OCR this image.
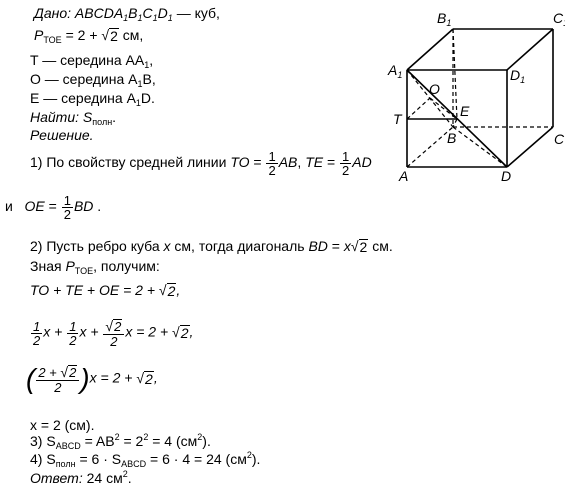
Дано: $ABCDA_1B_1C_1D_1$ — куб,
$P_{TOE} = 2$ + √ 2 см,
T — середина $AA_1$,
O — середина $A_1B$,
E — середина $A_1D$.
Найти: $S_{полн}$.
Решение.
1) По свойству средней линии TO = $\frac{1}{2}$ AB, TE = $\frac{1}{2}$ AD
и OE = $\frac{1}{2}$ BD .
2) Пусть ребро куба x см, тогда диагональ BD = x √ 2 см.
Зная $P_{TOE}$, получим:
TO + TE + OE = 2 + √ 2 ,
$\frac{1}{2}$ $x + \frac{1}{2}$ $x + \frac{√ 2}{2}$ x = 2 + √ 2 ,
( $\frac{2 + √ 2}{2} )x = 2$ + √ 2 ,
x = 2 (см).
3) $S_{ABCD} = AB^2 = 2^2 = 4$ $(см^2)$.
4) $S_{полн} = 6 \cdot S_{ABCD} = 6 \cdot 4 = 24$ $(см^2)$.
Ответ: 24 $см^2$.
$B_1$	C
$A_1$	$D_1$
O
T	E
B	C
A	D
